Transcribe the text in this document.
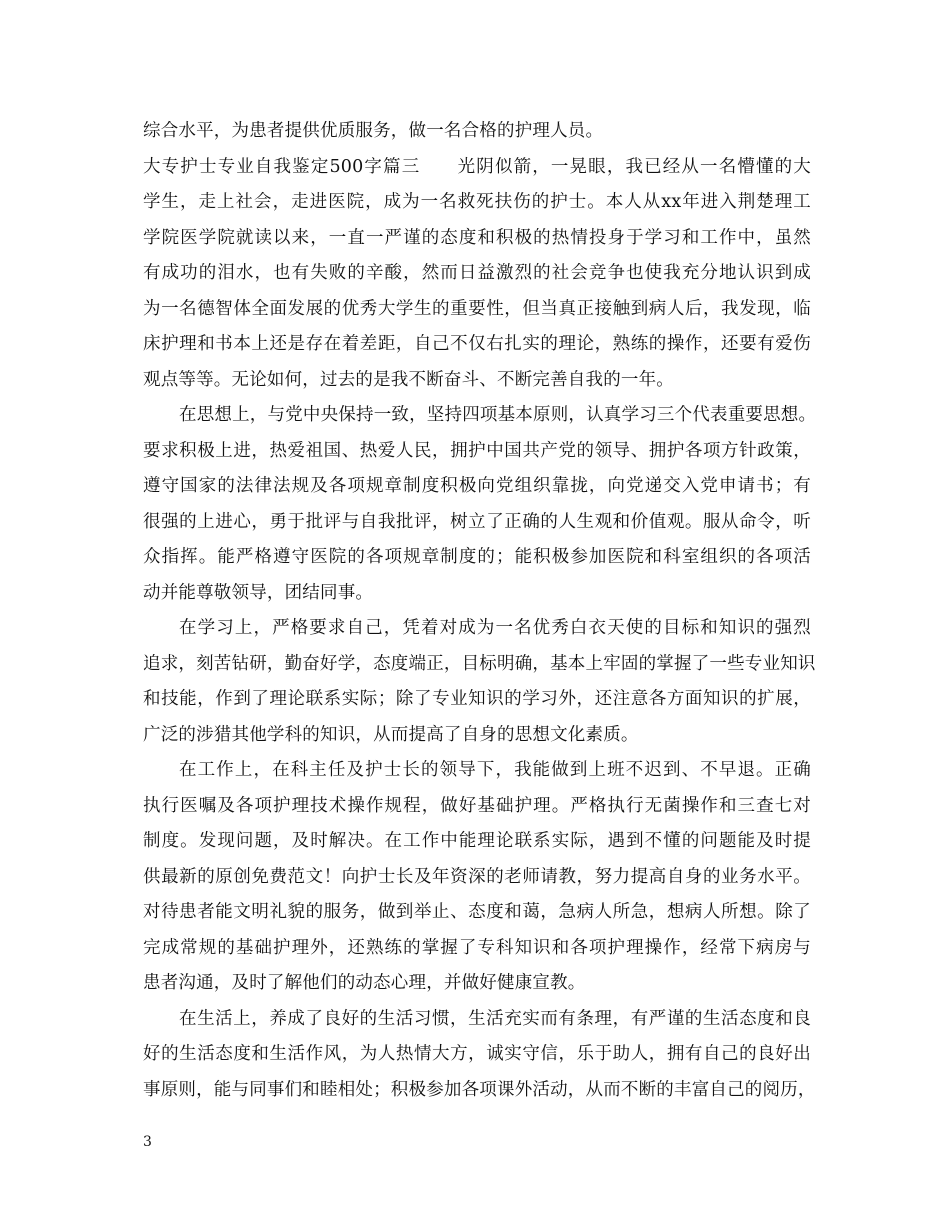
综合水平，为患者提供优质服务，做一名合格的护理人员。
大专护士专业自我鉴定500字篇三　　光阴似箭，一晃眼，我已经从一名懵懂的大
学生，走上社会，走进医院，成为一名救死扶伤的护士。本人从xx年进入荆楚理工
学院医学院就读以来，一直一严谨的态度和积极的热情投身于学习和工作中，虽然
有成功的泪水，也有失败的辛酸，然而日益激烈的社会竞争也使我充分地认识到成
为一名德智体全面发展的优秀大学生的重要性，但当真正接触到病人后，我发现，临
床护理和书本上还是存在着差距，自己不仅右扎实的理论，熟练的操作，还要有爱伤
观点等等。无论如何，过去的是我不断奋斗、不断完善自我的一年。
在思想上，与党中央保持一致，坚持四项基本原则，认真学习三个代表重要思想。
要求积极上进，热爱祖国、热爱人民，拥护中国共产党的领导、拥护各项方针政策，
遵守国家的法律法规及各项规章制度积极向党组织靠拢，向党递交入党申请书；有
很强的上进心，勇于批评与自我批评，树立了正确的人生观和价值观。服从命令，听
众指挥。能严格遵守医院的各项规章制度的；能积极参加医院和科室组织的各项活
动并能尊敬领导，团结同事。
在学习上，严格要求自己，凭着对成为一名优秀白衣天使的目标和知识的强烈
追求，刻苦钻研，勤奋好学，态度端正，目标明确，基本上牢固的掌握了一些专业知识
和技能，作到了理论联系实际；除了专业知识的学习外，还注意各方面知识的扩展，
广泛的涉猎其他学科的知识，从而提高了自身的思想文化素质。
在工作上，在科主任及护士长的领导下，我能做到上班不迟到、不早退。正确
执行医嘱及各项护理技术操作规程，做好基础护理。严格执行无菌操作和三查七对
制度。发现问题，及时解决。在工作中能理论联系实际，遇到不懂的问题能及时提
供最新的原创免费范文！向护士长及年资深的老师请教，努力提高自身的业务水平。
对待患者能文明礼貌的服务，做到举止、态度和蔼，急病人所急，想病人所想。除了
完成常规的基础护理外，还熟练的掌握了专科知识和各项护理操作，经常下病房与
患者沟通，及时了解他们的动态心理，并做好健康宣教。
在生活上，养成了良好的生活习惯，生活充实而有条理，有严谨的生活态度和良
好的生活态度和生活作风，为人热情大方，诚实守信，乐于助人，拥有自己的良好出
事原则，能与同事们和睦相处；积极参加各项课外活动，从而不断的丰富自己的阅历，
3
